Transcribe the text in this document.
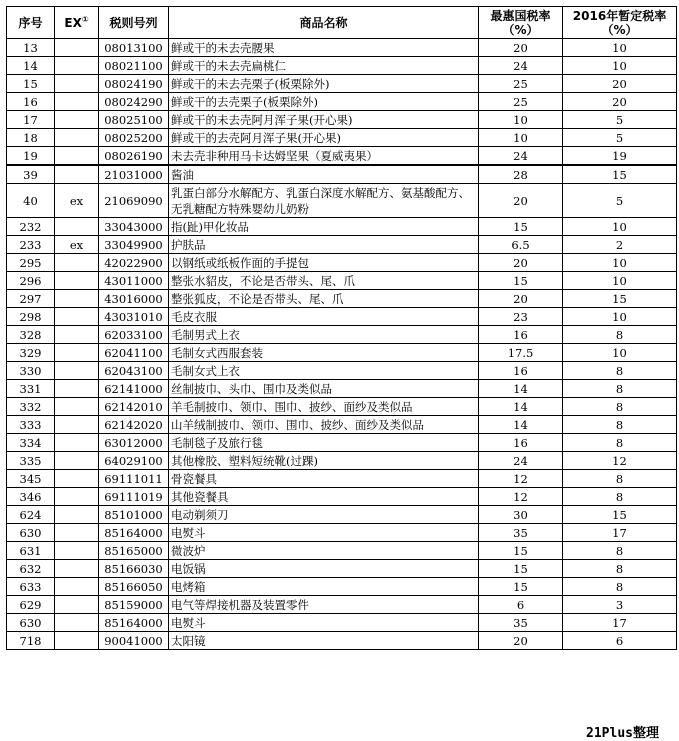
序号	EX①	税则号列	商品名称	最惠国税率（%）	2016年暂定税率（%）
13		08013100	鲜或干的未去壳腰果	20	10
14		08021100	鲜或干的未去壳扁桃仁	24	10
15		08024190	鲜或干的未去壳栗子(板栗除外)	25	20
16		08024290	鲜或干的去壳栗子(板栗除外)	25	20
17		08025100	鲜或干的未去壳阿月浑子果(开心果)	10	5
18		08025200	鲜或干的去壳阿月浑子果(开心果)	10	5
19		08026190	未去壳非种用马卡达姆坚果（夏威夷果）	24	19
39		21031000	酱油	28	15
40	ex	21069090	乳蛋白部分水解配方、乳蛋白深度水解配方、氨基酸配方、无乳糖配方特殊婴幼儿奶粉	20	5
232		33043000	指(趾)甲化妆品	15	10
233	ex	33049900	护肤品	6.5	2
295		42022900	以钢纸或纸板作面的手提包	20	10
296		43011000	整张水貂皮，不论是否带头、尾、爪	15	10
297		43016000	整张狐皮，不论是否带头、尾、爪	20	15
298		43031010	毛皮衣服	23	10
328		62033100	毛制男式上衣	16	8
329		62041100	毛制女式西服套装	17.5	10
330		62043100	毛制女式上衣	16	8
331		62141000	丝制披巾、头巾、围巾及类似品	14	8
332		62142010	羊毛制披巾、领巾、围巾、披纱、面纱及类似品	14	8
333		62142020	山羊绒制披巾、领巾、围巾、披纱、面纱及类似品	14	8
334		63012000	毛制毯子及旅行毯	16	8
335		64029100	其他橡胶、塑料短统靴(过踝)	24	12
345		69111011	骨瓷餐具	12	8
346		69111019	其他瓷餐具	12	8
624		85101000	电动剃须刀	30	15
630		85164000	电熨斗	35	17
631		85165000	微波炉	15	8
632		85166030	电饭锅	15	8
633		85166050	电烤箱	15	8
629		85159000	电气等焊接机器及装置零件	6	3
630		85164000	电熨斗	35	17
718		90041000	太阳镜	20	6
21Plus整理
